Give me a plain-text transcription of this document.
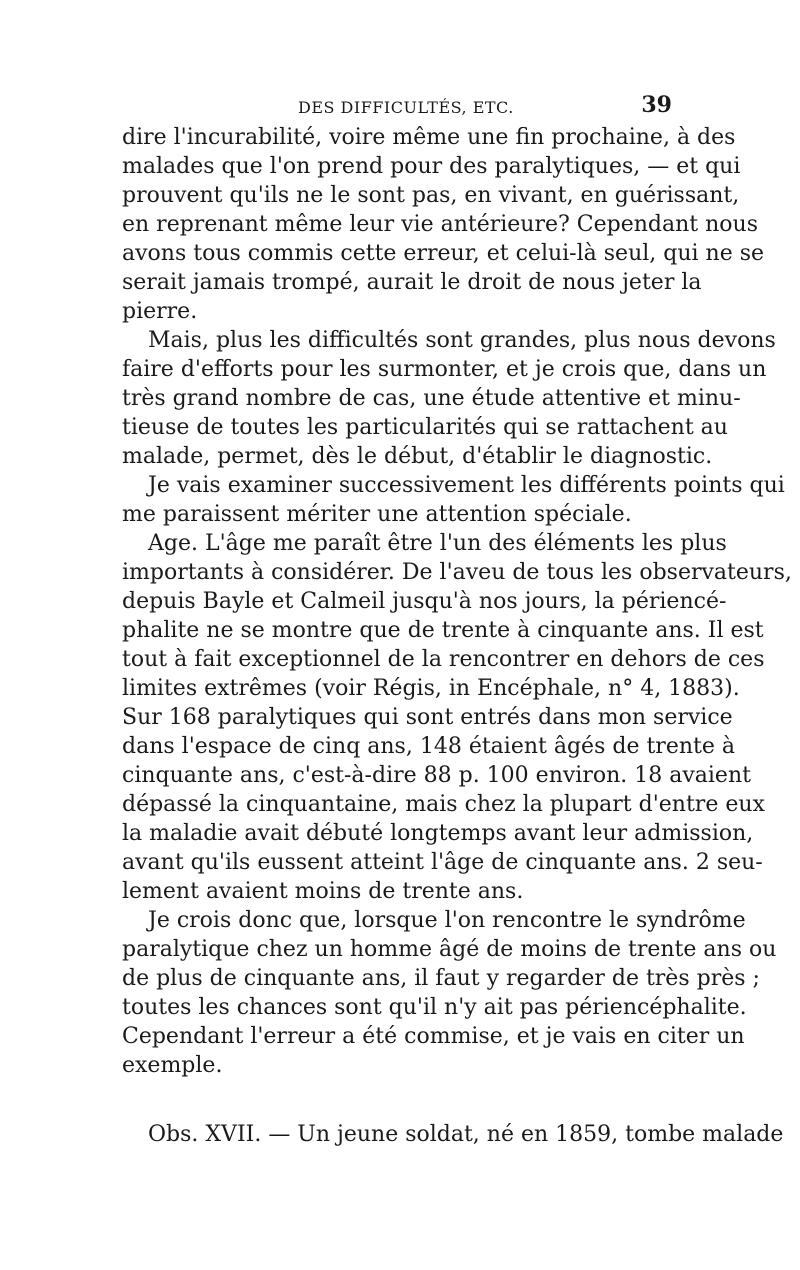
DES DIFFICULTÉS, ETC.	39
dire l'incurabilité, voire même une fin prochaine, à des
malades que l'on prend pour des paralytiques, — et qui
prouvent qu'ils ne le sont pas, en vivant, en guérissant,
en reprenant même leur vie antérieure? Cependant nous
avons tous commis cette erreur, et celui-là seul, qui ne se
serait jamais trompé, aurait le droit de nous jeter la
pierre.
Mais, plus les difficultés sont grandes, plus nous devons
faire d'efforts pour les surmonter, et je crois que, dans un
très grand nombre de cas, une étude attentive et minu-
tieuse de toutes les particularités qui se rattachent au
malade, permet, dès le début, d'établir le diagnostic.
Je vais examiner successivement les différents points qui
me paraissent mériter une attention spéciale.
Age. L'âge me paraît être l'un des éléments les plus
importants à considérer. De l'aveu de tous les observateurs,
depuis Bayle et Calmeil jusqu'à nos jours, la périencé-
phalite ne se montre que de trente à cinquante ans. Il est
tout à fait exceptionnel de la rencontrer en dehors de ces
limites extrêmes (voir Régis, in Encéphale, n° 4, 1883).
Sur 168 paralytiques qui sont entrés dans mon service
dans l'espace de cinq ans, 148 étaient âgés de trente à
cinquante ans, c'est-à-dire 88 p. 100 environ. 18 avaient
dépassé la cinquantaine, mais chez la plupart d'entre eux
la maladie avait débuté longtemps avant leur admission,
avant qu'ils eussent atteint l'âge de cinquante ans. 2 seu-
lement avaient moins de trente ans.
Je crois donc que, lorsque l'on rencontre le syndrôme
paralytique chez un homme âgé de moins de trente ans ou
de plus de cinquante ans, il faut y regarder de très près ;
toutes les chances sont qu'il n'y ait pas périencéphalite.
Cependant l'erreur a été commise, et je vais en citer un
exemple.
Obs. XVII. — Un jeune soldat, né en 1859, tombe malade
